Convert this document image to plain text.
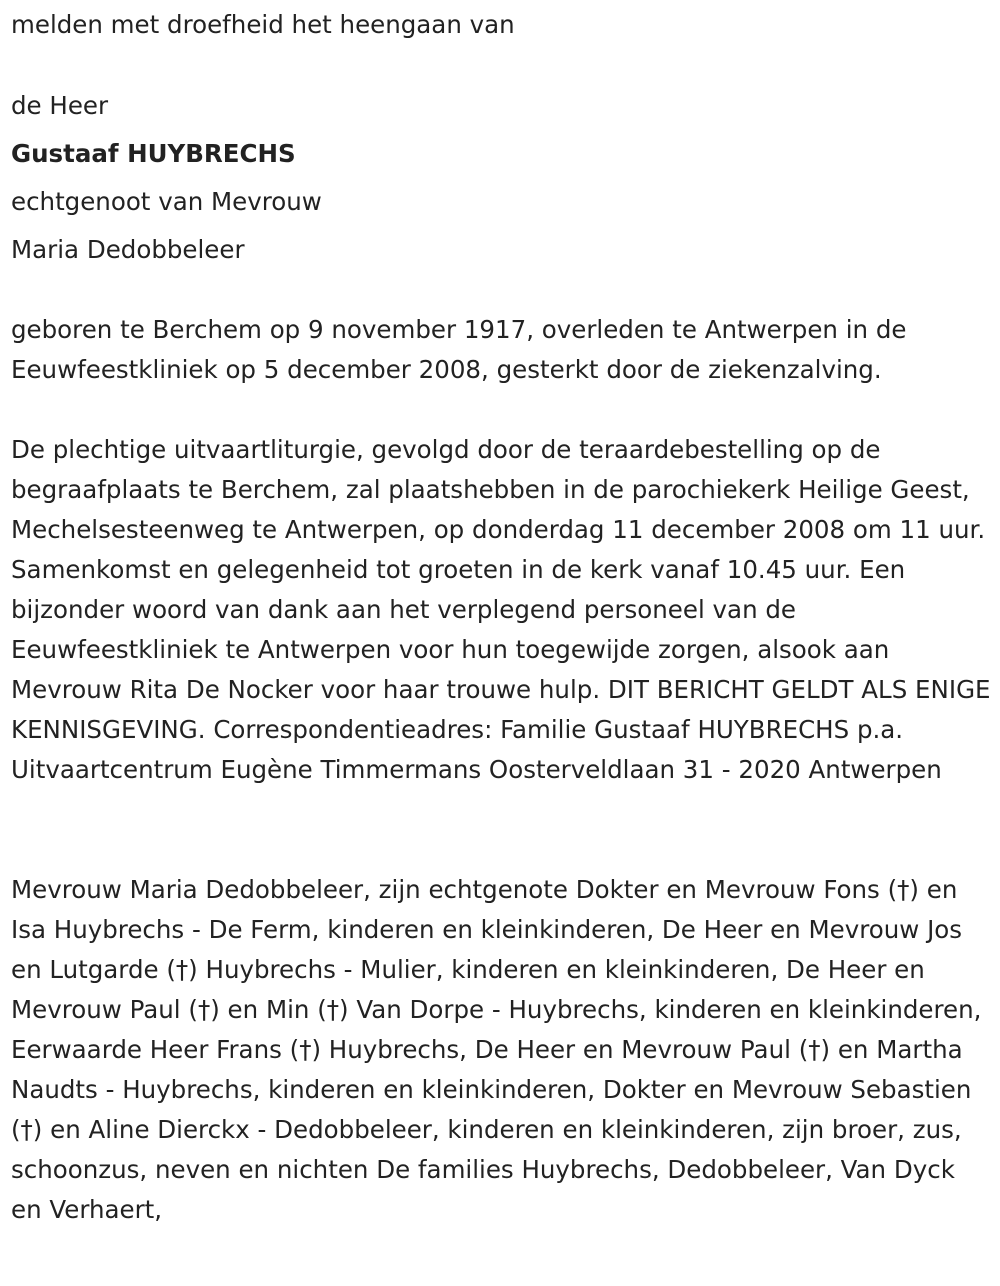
melden met droefheid het heengaan van

de Heer

Gustaaf HUYBRECHS

echtgenoot van Mevrouw

Maria Dedobbeleer

geboren te Berchem op 9 november 1917, overleden te Antwerpen in de Eeuwfeestkliniek op 5 december 2008, gesterkt door de ziekenzalving.

De plechtige uitvaartliturgie, gevolgd door de teraardebestelling op de begraafplaats te Berchem, zal plaatshebben in de parochiekerk Heilige Geest, Mechelsesteenweg te Antwerpen, op donderdag 11 december 2008 om 11 uur. Samenkomst en gelegenheid tot groeten in de kerk vanaf 10.45 uur. Een bijzonder woord van dank aan het verplegend personeel van de Eeuwfeestkliniek te Antwerpen voor hun toegewijde zorgen, alsook aan Mevrouw Rita De Nocker voor haar trouwe hulp. DIT BERICHT GELDT ALS ENIGE KENNISGEVING. Correspondentieadres: Familie Gustaaf HUYBRECHS p.a. Uitvaartcentrum Eugène Timmermans Oosterveldlaan 31 - 2020 Antwerpen

Mevrouw Maria Dedobbeleer, zijn echtgenote Dokter en Mevrouw Fons (†) en Isa Huybrechs - De Ferm, kinderen en kleinkinderen, De Heer en Mevrouw Jos en Lutgarde (†) Huybrechs - Mulier, kinderen en kleinkinderen, De Heer en Mevrouw Paul (†) en Min (†) Van Dorpe - Huybrechs, kinderen en kleinkinderen, Eerwaarde Heer Frans (†) Huybrechs, De Heer en Mevrouw Paul (†) en Martha Naudts - Huybrechs, kinderen en kleinkinderen, Dokter en Mevrouw Sebastien (†) en Aline Dierckx - Dedobbeleer, kinderen en kleinkinderen, zijn broer, zus, schoonzus, neven en nichten De families Huybrechs, Dedobbeleer, Van Dyck en Verhaert,
